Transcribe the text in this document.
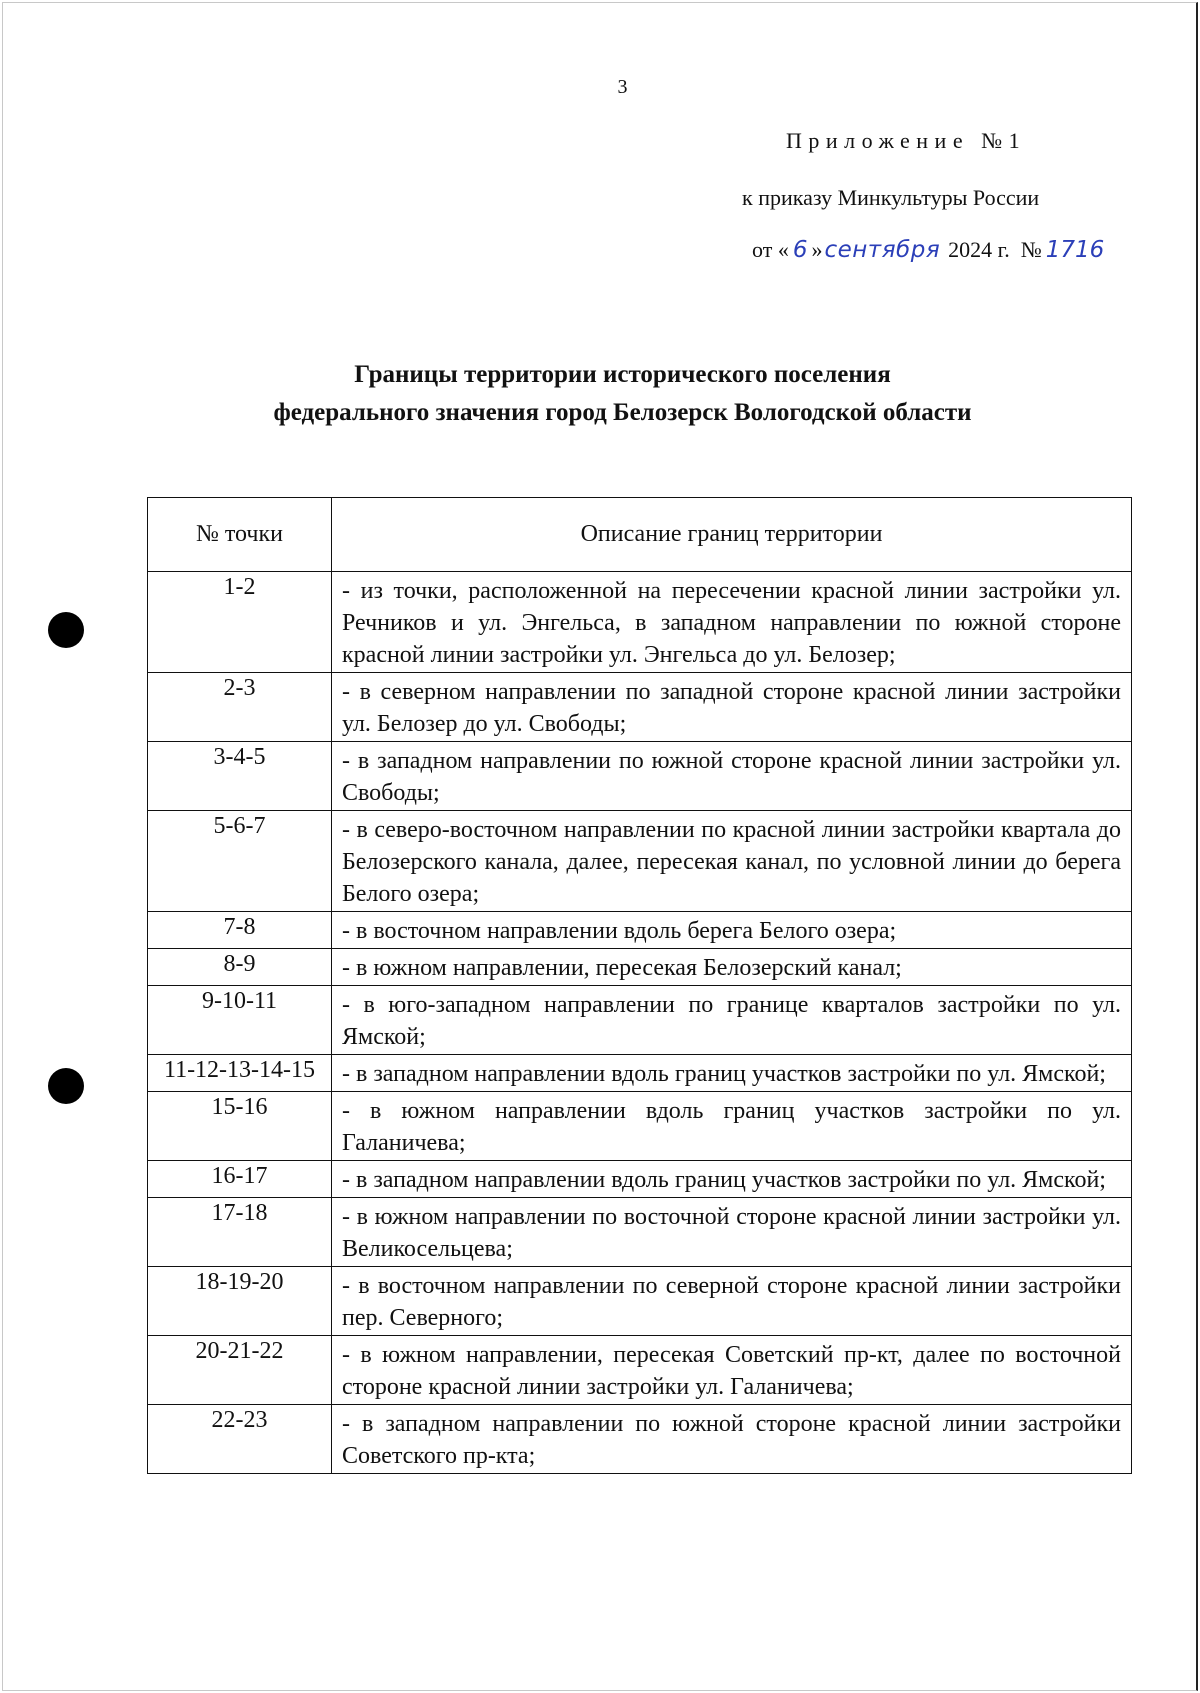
3
Приложение №1
к приказу Минкультуры России
от « 6 »сентября 2024 г. № 1716
Границы территории исторического поселения
федерального значения город Белозерск Вологодской области
№ точки	Описание границ территории
1-2	- из точки, расположенной на пересечении красной линии застройки ул. Речников и ул. Энгельса, в западном направлении по южной стороне красной линии застройки ул. Энгельса до ул. Белозер;
2-3	- в северном направлении по западной стороне красной линии застройки ул. Белозер до ул. Свободы;
3-4-5	- в западном направлении по южной стороне красной линии застройки ул. Свободы;
5-6-7	- в северо-восточном направлении по красной линии застройки квартала до Белозерского канала, далее, пересекая канал, по условной линии до берега Белого озера;
7-8	- в восточном направлении вдоль берега Белого озера;
8-9	- в южном направлении, пересекая Белозерский канал;
9-10-11	- в юго-западном направлении по границе кварталов застройки по ул. Ямской;
11-12-13-14-15	- в западном направлении вдоль границ участков застройки по ул. Ямской;
15-16	- в южном направлении вдоль границ участков застройки по ул. Галаничева;
16-17	- в западном направлении вдоль границ участков застройки по ул. Ямской;
17-18	- в южном направлении по восточной стороне красной линии застройки ул. Великосельцева;
18-19-20	- в восточном направлении по северной стороне красной линии застройки пер. Северного;
20-21-22	- в южном направлении, пересекая Советский пр-кт, далее по восточной стороне красной линии застройки ул. Галаничева;
22-23	- в западном направлении по южной стороне красной линии застройки Советского пр-кта;
